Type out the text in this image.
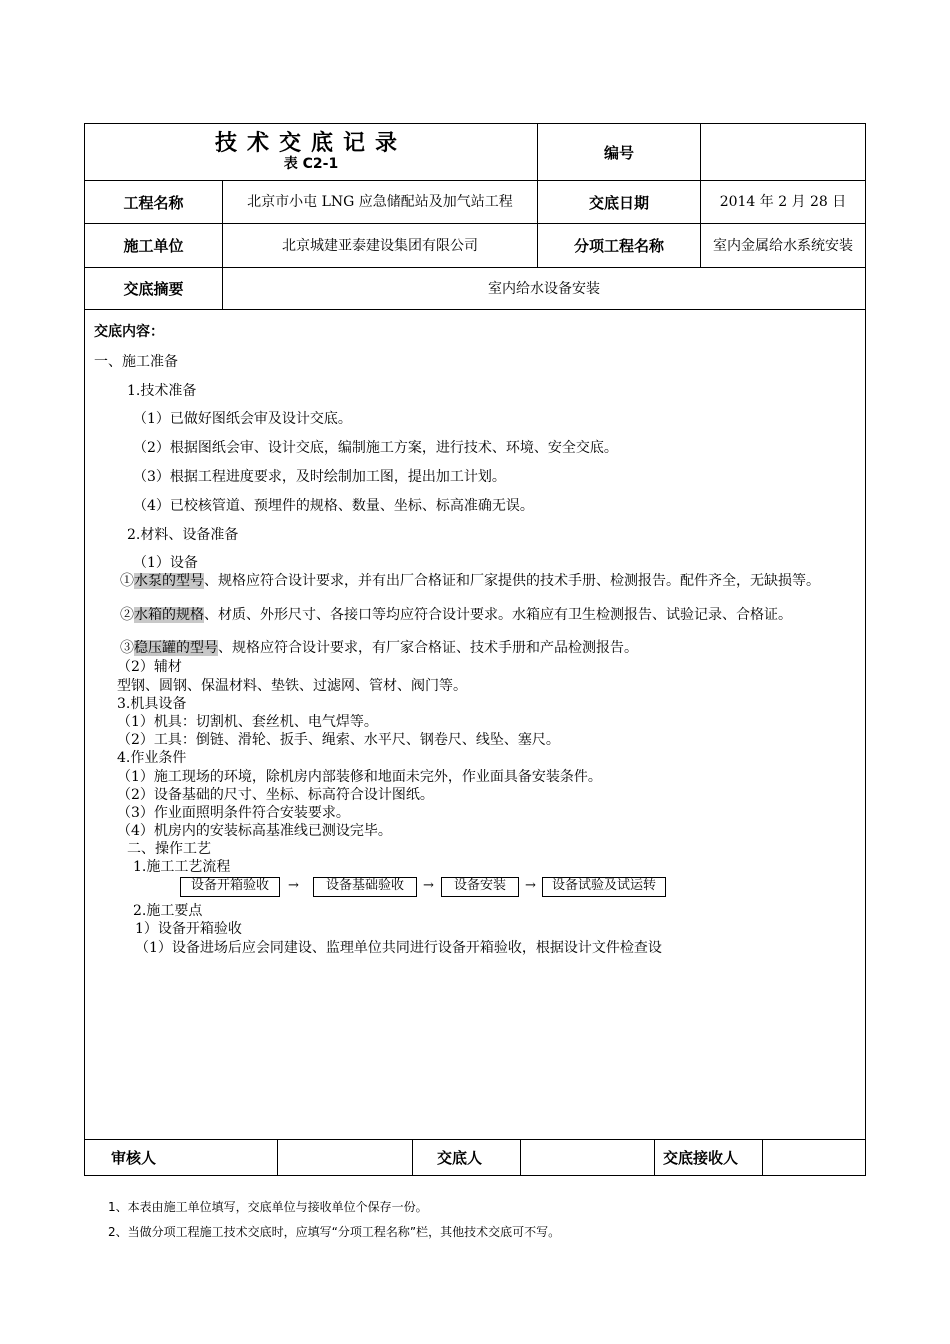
技术交底记录
表 C2-1
编号
工程名称	北京市小屯 LNG 应急储配站及加气站工程	交底日期	2014 年 2 月 28 日
施工单位	北京城建亚泰建设集团有限公司	分项工程名称	室内金属给水系统安装
交底摘要	室内给水设备安装
审核人	交底人	交底接收人
交底内容：
一、施工准备
1.技术准备
（1）已做好图纸会审及设计交底。
（2）根据图纸会审、设计交底，编制施工方案，进行技术、环境、安全交底。
（3）根据工程进度要求，及时绘制加工图，提出加工计划。
（4）已校核管道、预埋件的规格、数量、坐标、标高准确无误。
2.材料、设备准备
（1）设备
①水泵的型号、规格应符合设计要求，并有出厂合格证和厂家提供的技术手册、检测报告。配件齐全，无缺损等。
②水箱的规格、材质、外形尺寸、各接口等均应符合设计要求。水箱应有卫生检测报告、试验记录、合格证。
③稳压罐的型号、规格应符合设计要求，有厂家合格证、技术手册和产品检测报告。
（2）辅材
型钢、圆钢、保温材料、垫铁、过滤网、管材、阀门等。
3.机具设备
（1）机具：切割机、套丝机、电气焊等。
（2）工具：倒链、滑轮、扳手、绳索、水平尺、钢卷尺、线坠、塞尺。
4.作业条件
（1）施工现场的环境，除机房内部装修和地面未完外，作业面具备安装条件。
（2）设备基础的尺寸、坐标、标高符合设计图纸。
（3）作业面照明条件符合安装要求。
（4）机房内的安装标高基准线已测设完毕。
二、操作工艺
1.施工工艺流程
设备开箱验收	→	设备基础验收	→	设备安装	→	设备试验及试运转
2.施工要点
1）设备开箱验收
（1）设备进场后应会同建设、监理单位共同进行设备开箱验收，根据设计文件检查设
1、本表由施工单位填写，交底单位与接收单位个保存一份。
2、当做分项工程施工技术交底时，应填写“分项工程名称”栏，其他技术交底可不写。
